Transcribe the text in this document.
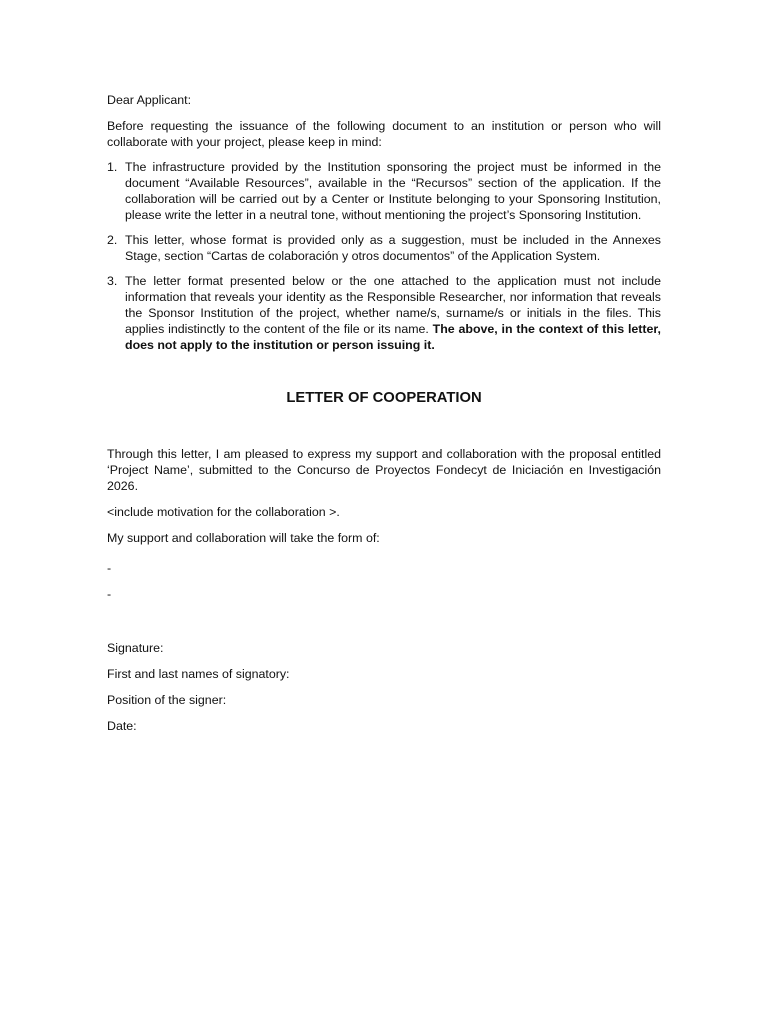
Dear Applicant:

Before requesting the issuance of the following document to an institution or person who will collaborate with your project, please keep in mind:

1. The infrastructure provided by the Institution sponsoring the project must be informed in the document “Available Resources”, available in the “Recursos” section of the application. If the collaboration will be carried out by a Center or Institute belonging to your Sponsoring Institution, please write the letter in a neutral tone, without mentioning the project’s Sponsoring Institution.
2. This letter, whose format is provided only as a suggestion, must be included in the Annexes Stage, section “Cartas de colaboración y otros documentos” of the Application System.
3. The letter format presented below or the one attached to the application must not include information that reveals your identity as the Responsible Researcher, nor information that reveals the Sponsor Institution of the project, whether name/s, surname/s or initials in the files. This applies indistinctly to the content of the file or its name. The above, in the context of this letter, does not apply to the institution or person issuing it.
LETTER OF COOPERATION

Through this letter, I am pleased to express my support and collaboration with the proposal entitled ‘Project Name’, submitted to the Concurso de Proyectos Fondecyt de Iniciación en Investigación 2026.

<include motivation for the collaboration >.

My support and collaboration will take the form of:

-

-

Signature:

First and last names of signatory:

Position of the signer:

Date:
